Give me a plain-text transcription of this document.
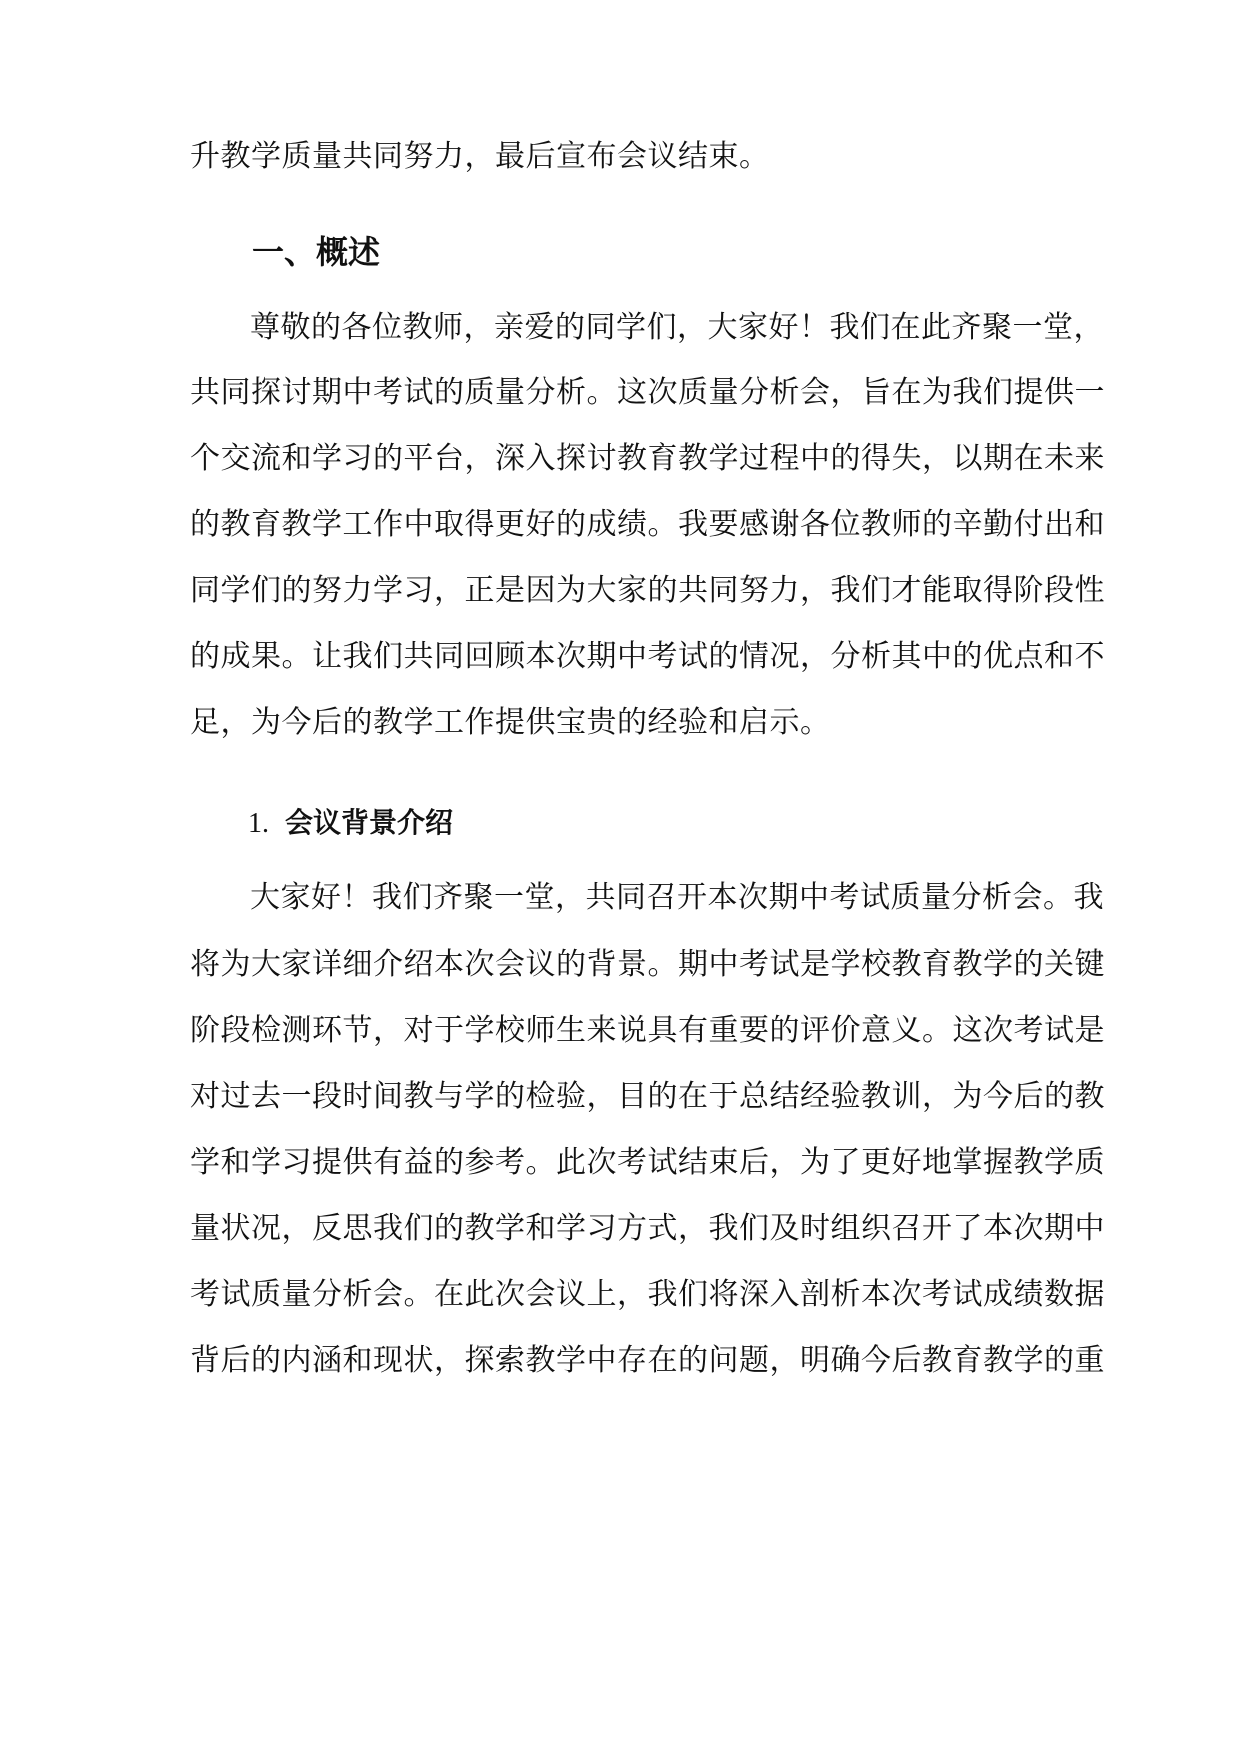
升教学质量共同努力，最后宣布会议结束。

一、概述

尊敬的各位教师，亲爱的同学们，大家好！我们在此齐聚一堂，

共同探讨期中考试的质量分析。这次质量分析会，旨在为我们提供一

个交流和学习的平台，深入探讨教育教学过程中的得失，以期在未来

的教育教学工作中取得更好的成绩。我要感谢各位教师的辛勤付出和

同学们的努力学习，正是因为大家的共同努力，我们才能取得阶段性

的成果。让我们共同回顾本次期中考试的情况，分析其中的优点和不

足，为今后的教学工作提供宝贵的经验和启示。

1. 会议背景介绍

大家好！我们齐聚一堂，共同召开本次期中考试质量分析会。我

将为大家详细介绍本次会议的背景。期中考试是学校教育教学的关键

阶段检测环节，对于学校师生来说具有重要的评价意义。这次考试是

对过去一段时间教与学的检验，目的在于总结经验教训，为今后的教

学和学习提供有益的参考。此次考试结束后，为了更好地掌握教学质

量状况，反思我们的教学和学习方式，我们及时组织召开了本次期中

考试质量分析会。在此次会议上，我们将深入剖析本次考试成绩数据

背后的内涵和现状，探索教学中存在的问题，明确今后教育教学的重
